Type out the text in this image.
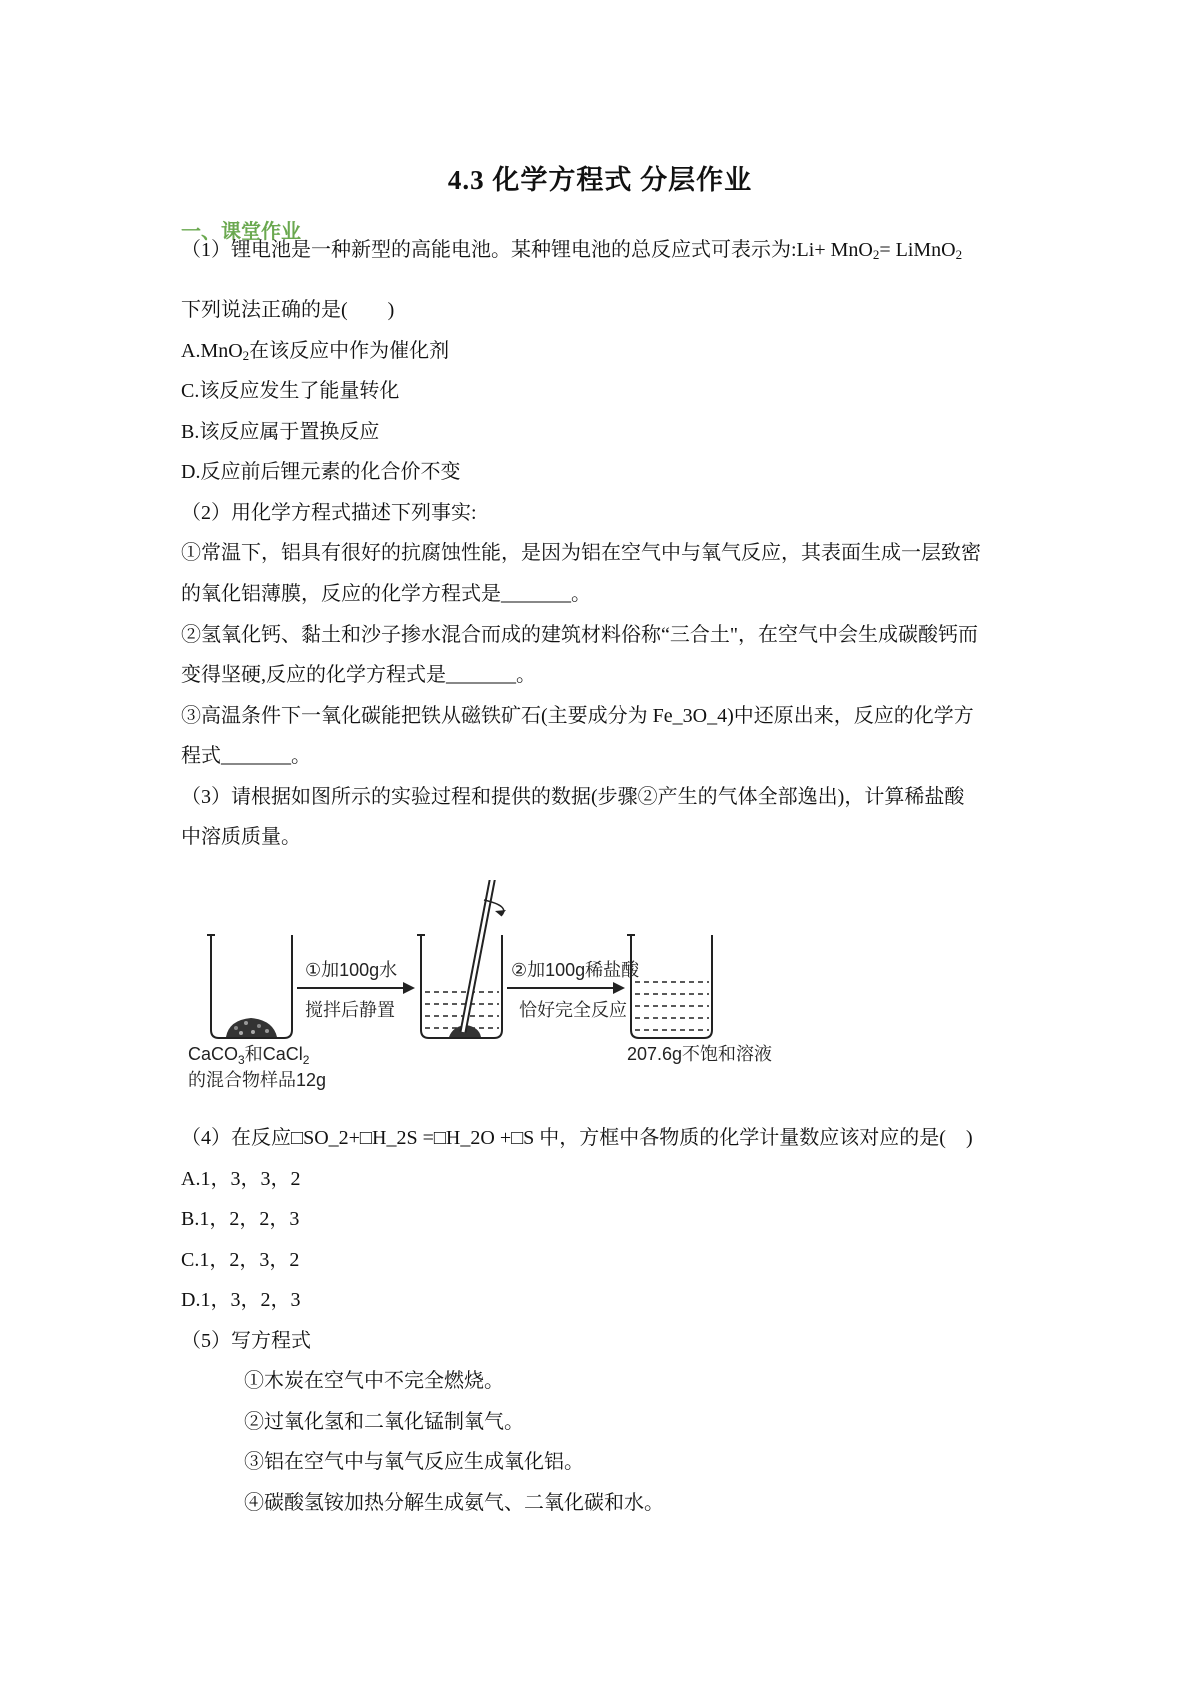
4.3 化学方程式 分层作业
一、课堂作业
（1）锂电池是一种新型的高能电池。某种锂电池的总反应式可表示为:Li+ MnO$_2$= LiMnO$_2$
下列说法正确的是(　　)
A.MnO$_2$在该反应中作为催化剂
C.该反应发生了能量转化
B.该反应属于置换反应
D.反应前后锂元素的化合价不变
（2）用化学方程式描述下列事实:
①常温下，铝具有很好的抗腐蚀性能，是因为铝在空气中与氧气反应，其表面生成一层致密
的氧化铝薄膜，反应的化学方程式是_______。
②氢氧化钙、黏土和沙子掺水混合而成的建筑材料俗称“三合土"，在空气中会生成碳酸钙而
变得坚硬,反应的化学方程式是_______。
③高温条件下一氧化碳能把铁从磁铁矿石(主要成分为 Fe_3O_4)中还原出来，反应的化学方
程式_______。
（3）请根据如图所示的实验过程和提供的数据(步骤②产生的气体全部逸出)，计算稀盐酸
中溶质质量。
①加100g水
搅拌后静置
②加100g稀盐酸
恰好完全反应
CaCO$_3$和CaCl$_2$
的混合物样品12g
207.6g不饱和溶液
（4）在反应□SO_2+□H_2S =□H_2O +□S 中，方框中各物质的化学计量数应该对应的是(　)
A.1，3，3，2
B.1，2，2，3
C.1，2，3，2
D.1，3，2，3
（5）写方程式
①木炭在空气中不完全燃烧。
②过氧化氢和二氧化锰制氧气。
③铝在空气中与氧气反应生成氧化铝。
④碳酸氢铵加热分解生成氨气、二氧化碳和水。
